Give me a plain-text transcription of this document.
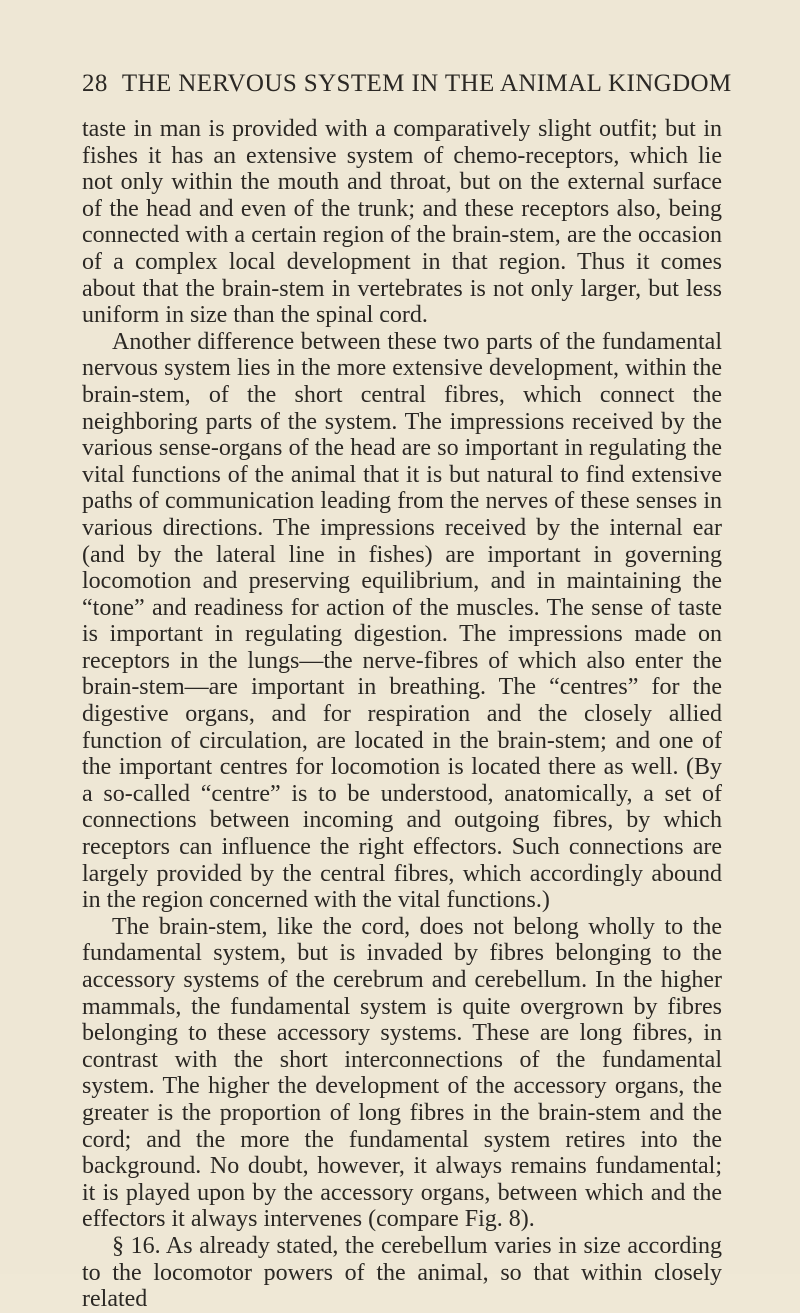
28 THE NERVOUS SYSTEM IN THE ANIMAL KINGDOM

taste in man is provided with a comparatively slight outfit; but in fishes it has an extensive system of chemo-receptors, which lie not only within the mouth and throat, but on the external surface of the head and even of the trunk; and these receptors also, being connected with a certain region of the brain-stem, are the occasion of a complex local development in that region. Thus it comes about that the brain-stem in vertebrates is not only larger, but less uniform in size than the spinal cord.

Another difference between these two parts of the fundamental nervous system lies in the more extensive development, within the brain-stem, of the short central fibres, which connect the neighboring parts of the system. The impressions received by the various sense-organs of the head are so important in regulating the vital functions of the animal that it is but natural to find extensive paths of communication leading from the nerves of these senses in various directions. The impressions received by the internal ear (and by the lateral line in fishes) are important in governing locomotion and preserving equilibrium, and in maintaining the “tone” and readiness for action of the muscles. The sense of taste is important in regulating digestion. The impressions made on receptors in the lungs—the nerve-fibres of which also enter the brain-stem—are important in breathing. The “centres” for the digestive organs, and for respiration and the closely allied function of circulation, are located in the brain-stem; and one of the important centres for locomotion is located there as well. (By a so-called “centre” is to be understood, anatomically, a set of connections between incoming and outgoing fibres, by which receptors can influence the right effectors. Such connections are largely provided by the central fibres, which accordingly abound in the region concerned with the vital functions.)

The brain-stem, like the cord, does not belong wholly to the fundamental system, but is invaded by fibres belonging to the accessory systems of the cerebrum and cerebellum. In the higher mammals, the fundamental system is quite overgrown by fibres belonging to these accessory systems. These are long fibres, in contrast with the short interconnections of the fundamental system. The higher the development of the accessory organs, the greater is the proportion of long fibres in the brain-stem and the cord; and the more the fundamental system retires into the background. No doubt, however, it always remains fundamental; it is played upon by the accessory organs, between which and the effectors it always intervenes (compare Fig. 8).

§ 16. As already stated, the cerebellum varies in size according to the locomotor powers of the animal, so that within closely related
